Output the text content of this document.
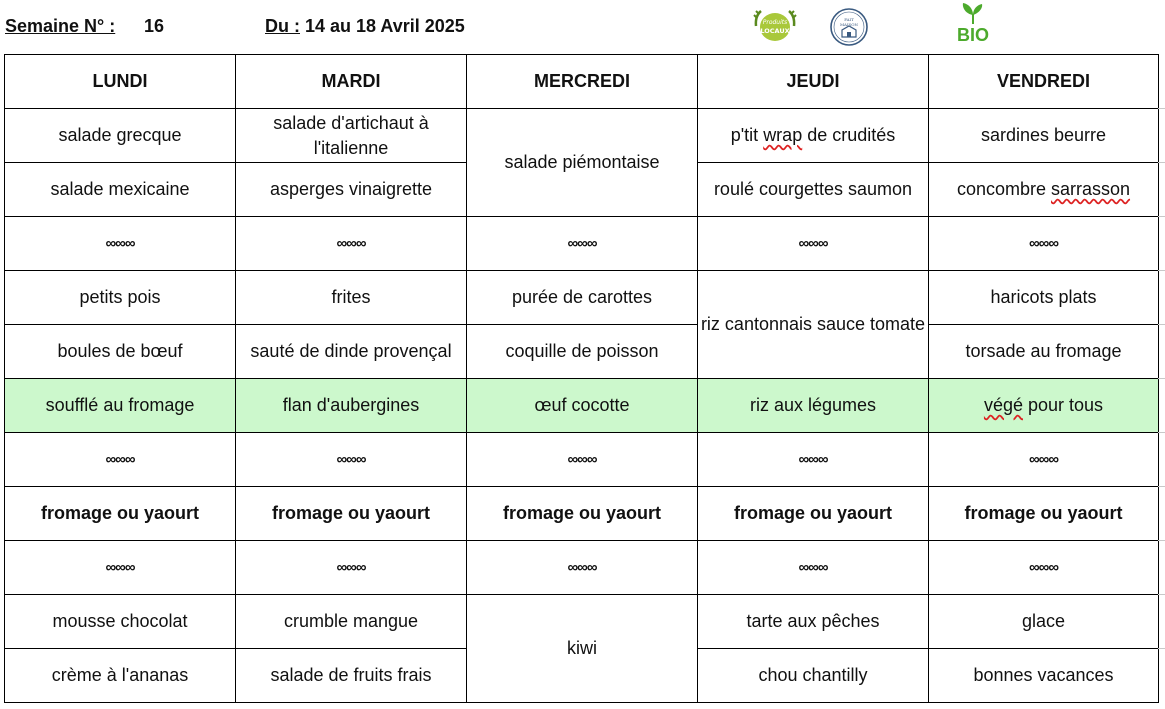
Semaine N° : 16	Du : 14 au 18 Avril 2025	Produits
LOCAUX
FAIT
MAISON
BIO
LUNDI	MARDI	MERCREDI	JEUDI	VENDREDI
salade grecque	salade d'artichaut à l'italienne	salade piémontaise	p'tit wrap de crudités	sardines beurre
salade mexicaine	asperges vinaigrette		roulé courgettes saumon	concombre sarrasson
∞∞∞	∞∞∞	∞∞∞	∞∞∞	∞∞∞
petits pois	frites	purée de carottes	riz cantonnais sauce tomate	haricots plats
boules de bœuf	sauté de dinde provençal	coquille de poisson		torsade au fromage
soufflé au fromage	flan d'aubergines	œuf cocotte	riz aux légumes	végé pour tous
∞∞∞	∞∞∞	∞∞∞	∞∞∞	∞∞∞
fromage ou yaourt	fromage ou yaourt	fromage ou yaourt	fromage ou yaourt	fromage ou yaourt
∞∞∞	∞∞∞	∞∞∞	∞∞∞	∞∞∞
mousse chocolat	crumble mangue	kiwi	tarte aux pêches	glace
crème à l'ananas	salade de fruits frais		chou chantilly	bonnes vacances
